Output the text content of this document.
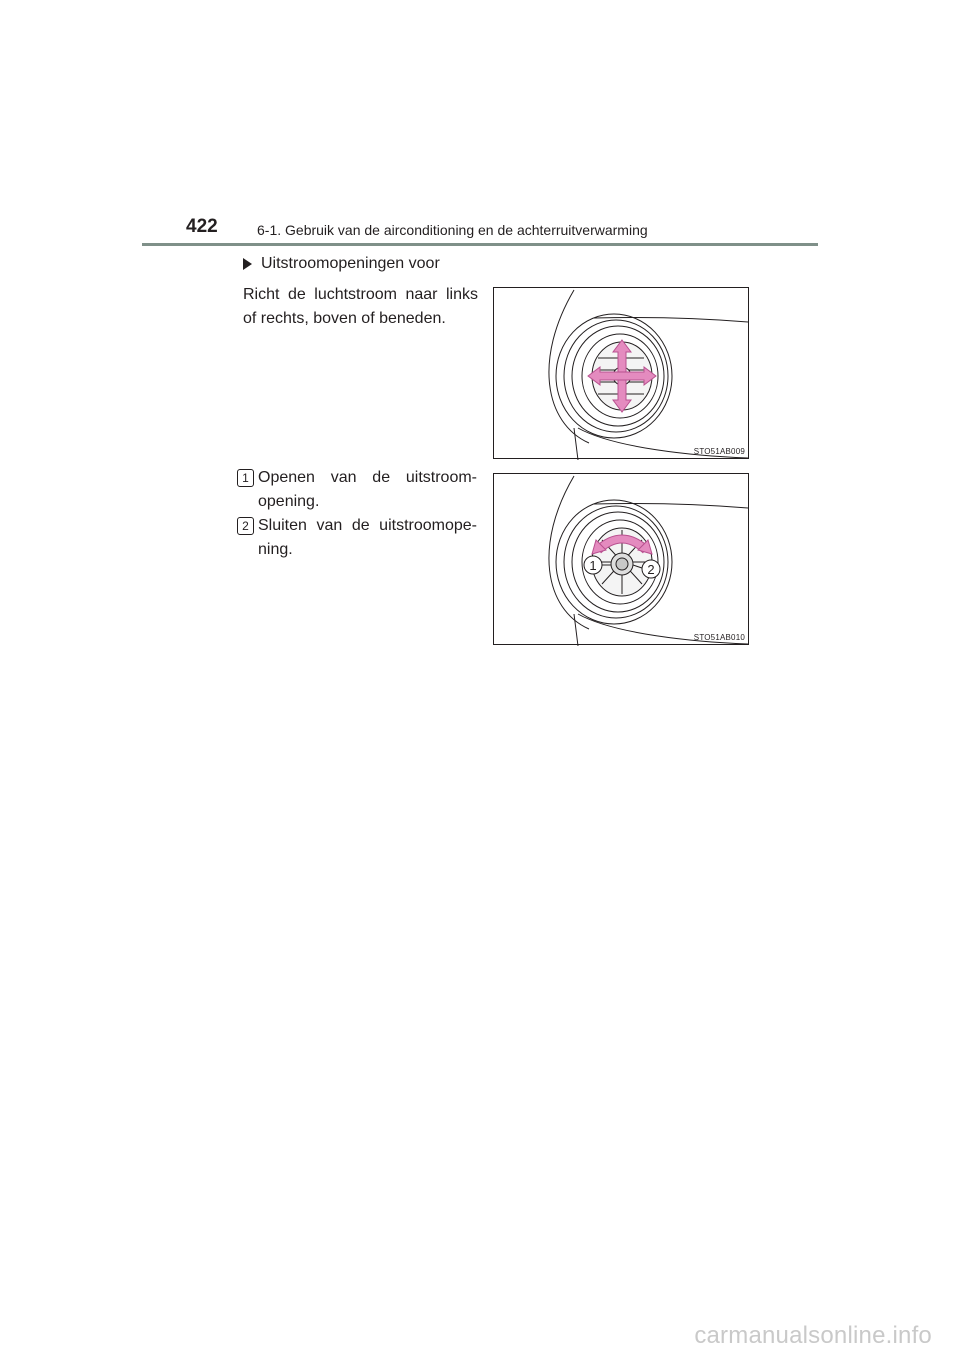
422	6-1. Gebruik van de airconditioning en de achterruitverwarming
Uitstroomopeningen voor
Richt de luchtstroom naar links of rechts, boven of beneden.
STO51AB009
1 Openen van de uitstroom-opening.
2 Sluiten van de uitstroomope-ning.
1	2
STO51AB010
carmanualsonline.info
